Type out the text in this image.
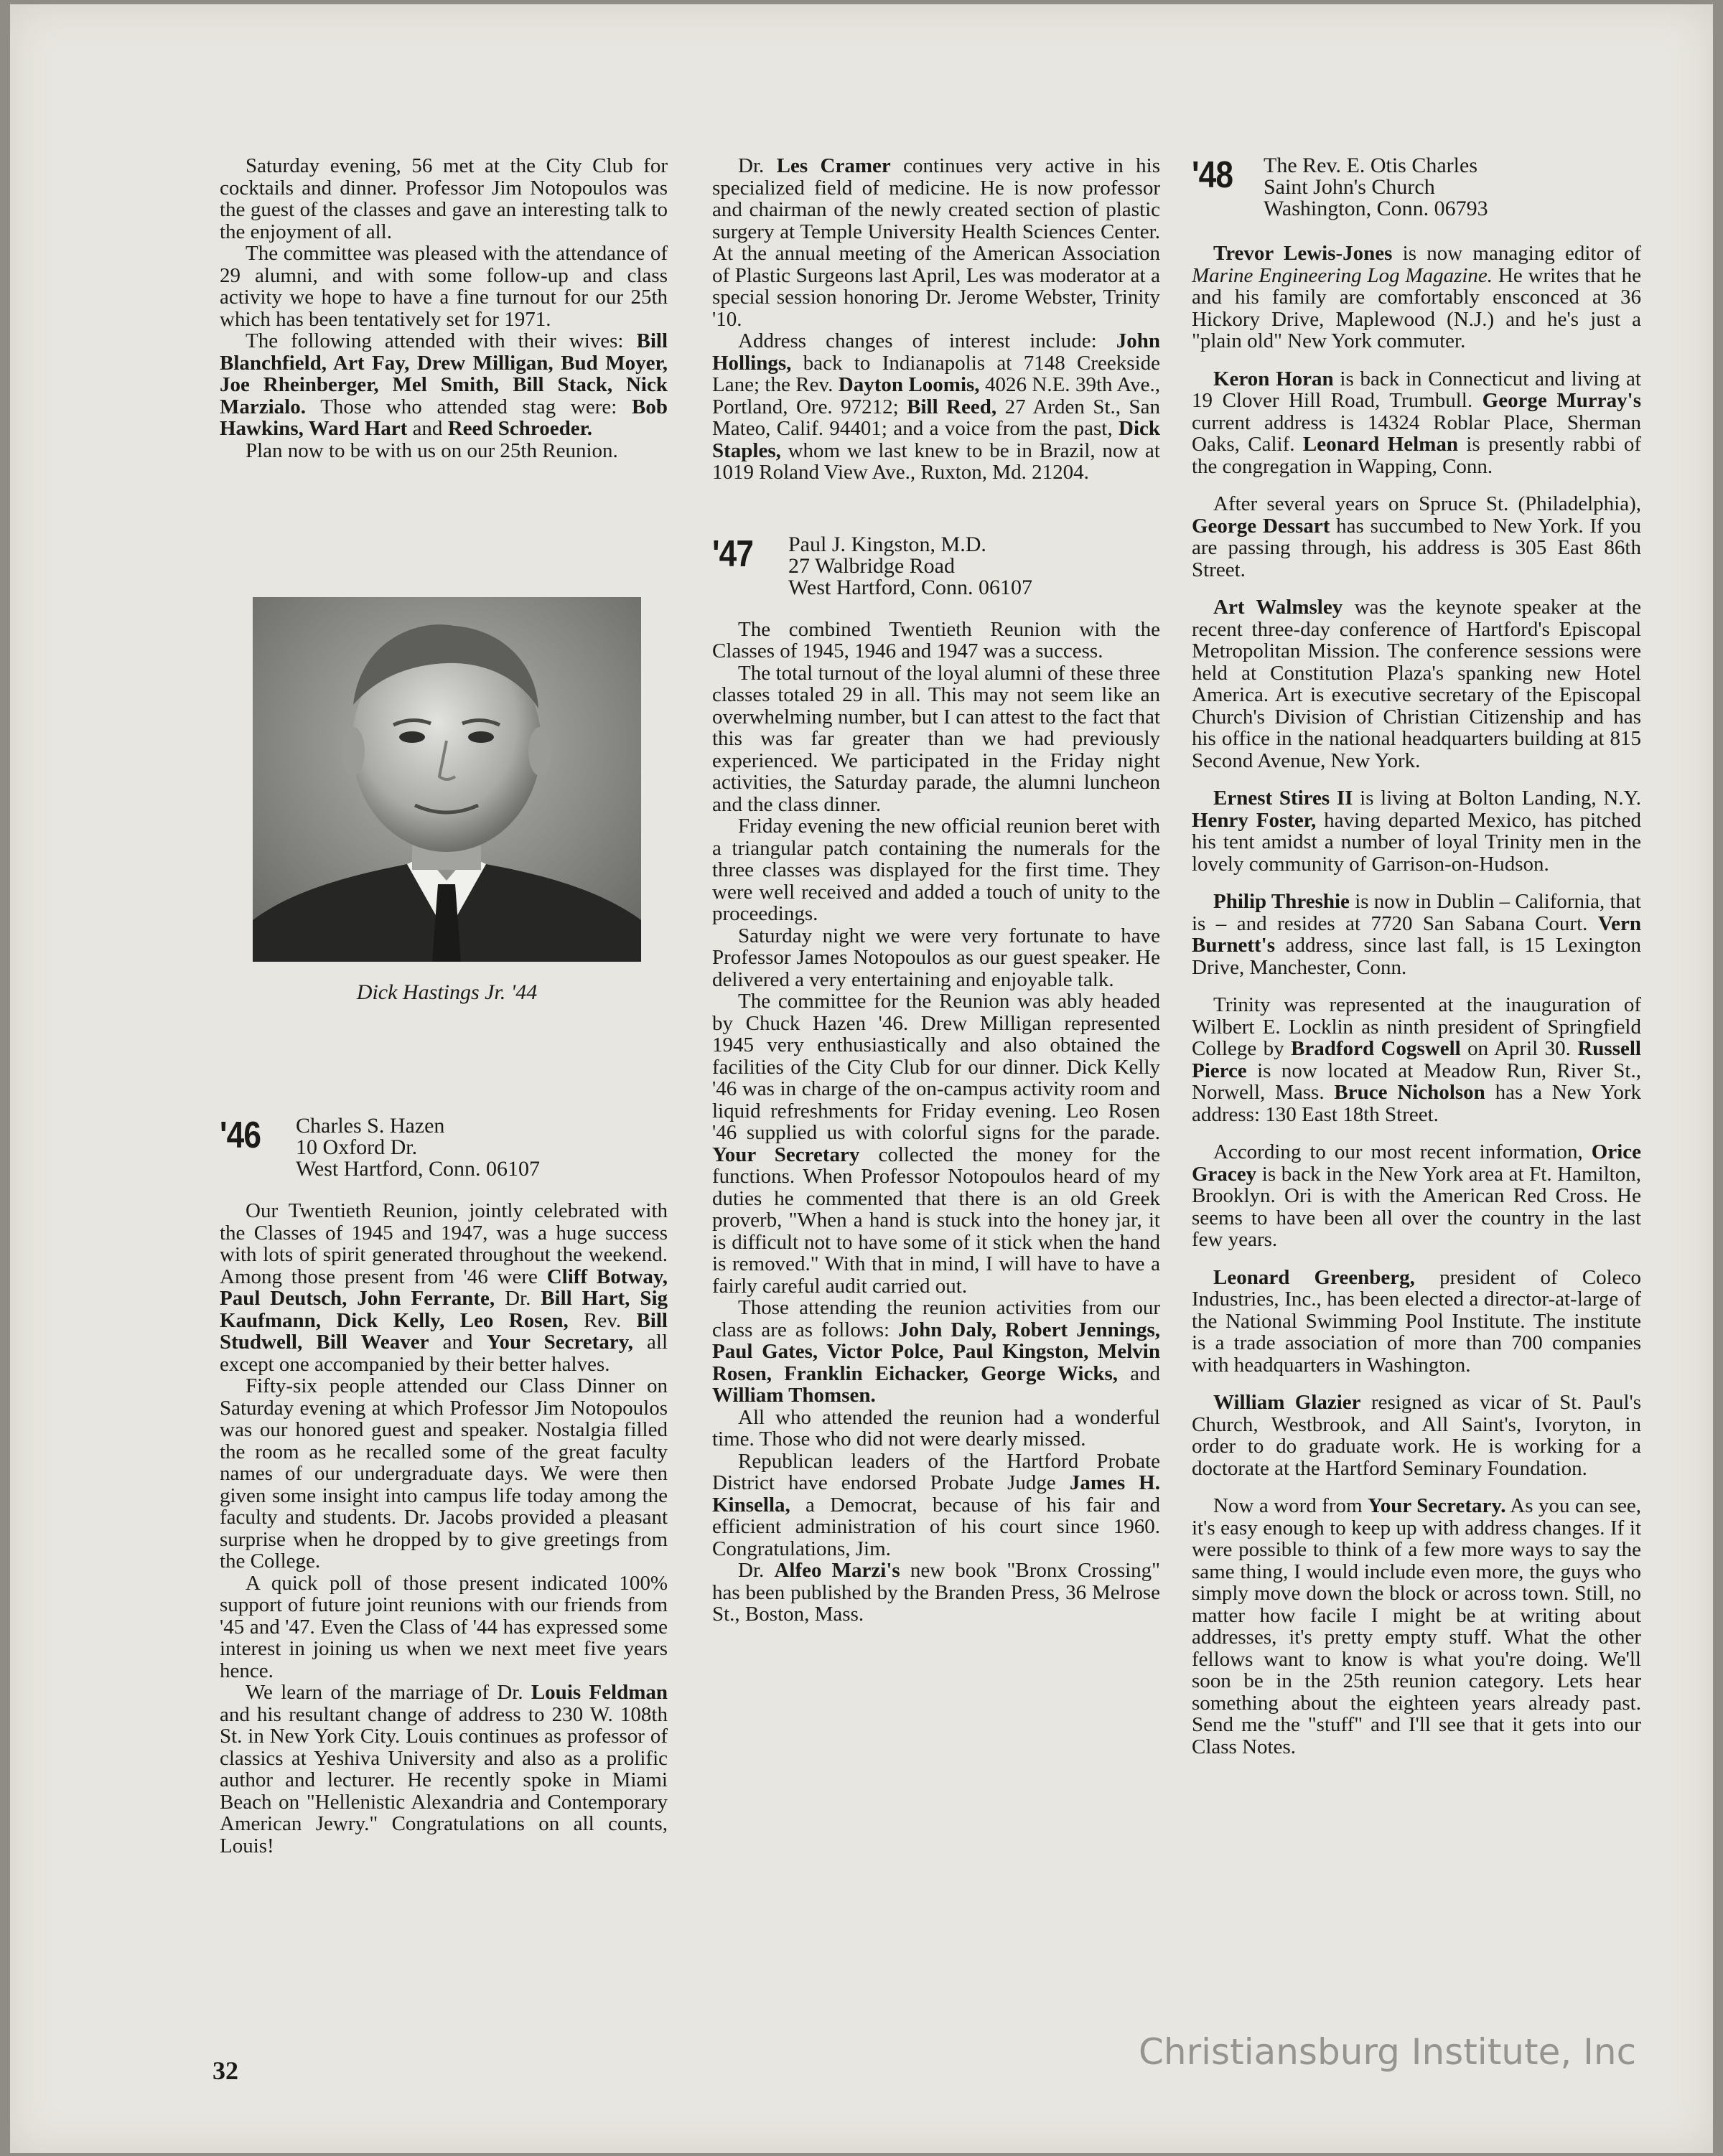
Saturday evening, 56 met at the City Club for cocktails and dinner. Professor Jim Notopoulos was the guest of the classes and gave an interesting talk to the enjoyment of all.

The committee was pleased with the attendance of 29 alumni, and with some follow-up and class activity we hope to have a fine turnout for our 25th which has been tentatively set for 1971.

The following attended with their wives: Bill Blanchfield, Art Fay, Drew Milligan, Bud Moyer, Joe Rheinberger, Mel Smith, Bill Stack, Nick Marzialo. Those who attended stag were: Bob Hawkins, Ward Hart and Reed Schroeder.

Plan now to be with us on our 25th Reunion.

Dick Hastings Jr. '44
'46	Charles S. Hazen
10 Oxford Dr.
West Hartford, Conn. 06107

Our Twentieth Reunion, jointly celebrated with the Classes of 1945 and 1947, was a huge success with lots of spirit generated throughout the weekend. Among those present from '46 were Cliff Botway, Paul Deutsch, John Ferrante, Dr. Bill Hart, Sig Kaufmann, Dick Kelly, Leo Rosen, Rev. Bill Studwell, Bill Weaver and Your Secretary, all except one accompanied by their better halves.

Fifty-six people attended our Class Dinner on Saturday evening at which Professor Jim Notopoulos was our honored guest and speaker. Nostalgia filled the room as he recalled some of the great faculty names of our undergraduate days. We were then given some insight into campus life today among the faculty and students. Dr. Jacobs provided a pleasant surprise when he dropped by to give greetings from the College.

A quick poll of those present indicated 100% support of future joint reunions with our friends from '45 and '47. Even the Class of '44 has expressed some interest in joining us when we next meet five years hence.

We learn of the marriage of Dr. Louis Feldman and his resultant change of address to 230 W. 108th St. in New York City. Louis continues as professor of classics at Yeshiva University and also as a prolific author and lecturer. He recently spoke in Miami Beach on "Hellenistic Alexandria and Contemporary American Jewry." Congratulations on all counts, Louis!

Dr. Les Cramer continues very active in his specialized field of medicine. He is now professor and chairman of the newly created section of plastic surgery at Temple University Health Sciences Center. At the annual meeting of the American Association of Plastic Surgeons last April, Les was moderator at a special session honoring Dr. Jerome Webster, Trinity '10.

Address changes of interest include: John Hollings, back to Indianapolis at 7148 Creekside Lane; the Rev. Dayton Loomis, 4026 N.E. 39th Ave., Portland, Ore. 97212; Bill Reed, 27 Arden St., San Mateo, Calif. 94401; and a voice from the past, Dick Staples, whom we last knew to be in Brazil, now at 1019 Roland View Ave., Ruxton, Md. 21204.

'47	Paul J. Kingston, M.D.
27 Walbridge Road
West Hartford, Conn. 06107

The combined Twentieth Reunion with the Classes of 1945, 1946 and 1947 was a success.

The total turnout of the loyal alumni of these three classes totaled 29 in all. This may not seem like an overwhelming number, but I can attest to the fact that this was far greater than we had previously experienced. We participated in the Friday night activities, the Saturday parade, the alumni luncheon and the class dinner.

Friday evening the new official reunion beret with a triangular patch containing the numerals for the three classes was displayed for the first time. They were well received and added a touch of unity to the proceedings.

Saturday night we were very fortunate to have Professor James Notopoulos as our guest speaker. He delivered a very entertaining and enjoyable talk.

The committee for the Reunion was ably headed by Chuck Hazen '46. Drew Milligan represented 1945 very enthusiastically and also obtained the facilities of the City Club for our dinner. Dick Kelly '46 was in charge of the on-campus activity room and liquid refreshments for Friday evening. Leo Rosen '46 supplied us with colorful signs for the parade. Your Secretary collected the money for the functions. When Professor Notopoulos heard of my duties he commented that there is an old Greek proverb, "When a hand is stuck into the honey jar, it is difficult not to have some of it stick when the hand is removed." With that in mind, I will have to have a fairly careful audit carried out.

Those attending the reunion activities from our class are as follows: John Daly, Robert Jennings, Paul Gates, Victor Polce, Paul Kingston, Melvin Rosen, Franklin Eichacker, George Wicks, and William Thomsen.

All who attended the reunion had a wonderful time. Those who did not were dearly missed.

Republican leaders of the Hartford Probate District have endorsed Probate Judge James H. Kinsella, a Democrat, because of his fair and efficient administration of his court since 1960. Congratulations, Jim.

Dr. Alfeo Marzi's new book "Bronx Crossing" has been published by the Branden Press, 36 Melrose St., Boston, Mass.

'48	The Rev. E. Otis Charles
Saint John's Church
Washington, Conn. 06793

Trevor Lewis-Jones is now managing editor of Marine Engineering Log Magazine. He writes that he and his family are comfortably ensconced at 36 Hickory Drive, Maplewood (N.J.) and he's just a "plain old" New York commuter.

Keron Horan is back in Connecticut and living at 19 Clover Hill Road, Trumbull. George Murray's current address is 14324 Roblar Place, Sherman Oaks, Calif. Leonard Helman is presently rabbi of the congregation in Wapping, Conn.

After several years on Spruce St. (Philadelphia), George Dessart has succumbed to New York. If you are passing through, his address is 305 East 86th Street.

Art Walmsley was the keynote speaker at the recent three-day conference of Hartford's Episcopal Metropolitan Mission. The conference sessions were held at Constitution Plaza's spanking new Hotel America. Art is executive secretary of the Episcopal Church's Division of Christian Citizenship and has his office in the national headquarters building at 815 Second Avenue, New York.

Ernest Stires II is living at Bolton Landing, N.Y. Henry Foster, having departed Mexico, has pitched his tent amidst a number of loyal Trinity men in the lovely community of Garrison-on-Hudson.

Philip Threshie is now in Dublin – California, that is – and resides at 7720 San Sabana Court. Vern Burnett's address, since last fall, is 15 Lexington Drive, Manchester, Conn.

Trinity was represented at the inauguration of Wilbert E. Locklin as ninth president of Springfield College by Bradford Cogswell on April 30. Russell Pierce is now located at Meadow Run, River St., Norwell, Mass. Bruce Nicholson has a New York address: 130 East 18th Street.

According to our most recent information, Orice Gracey is back in the New York area at Ft. Hamilton, Brooklyn. Ori is with the American Red Cross. He seems to have been all over the country in the last few years.

Leonard Greenberg, president of Coleco Industries, Inc., has been elected a director-at-large of the National Swimming Pool Institute. The institute is a trade association of more than 700 companies with headquarters in Washington.

William Glazier resigned as vicar of St. Paul's Church, Westbrook, and All Saint's, Ivoryton, in order to do graduate work. He is working for a doctorate at the Hartford Seminary Foundation.

Now a word from Your Secretary. As you can see, it's easy enough to keep up with address changes. If it were possible to think of a few more ways to say the same thing, I would include even more, the guys who simply move down the block or across town. Still, no matter how facile I might be at writing about addresses, it's pretty empty stuff. What the other fellows want to know is what you're doing. We'll soon be in the 25th reunion category. Lets hear something about the eighteen years already past. Send me the "stuff" and I'll see that it gets into our Class Notes.

32	Christiansburg Institute, Inc
